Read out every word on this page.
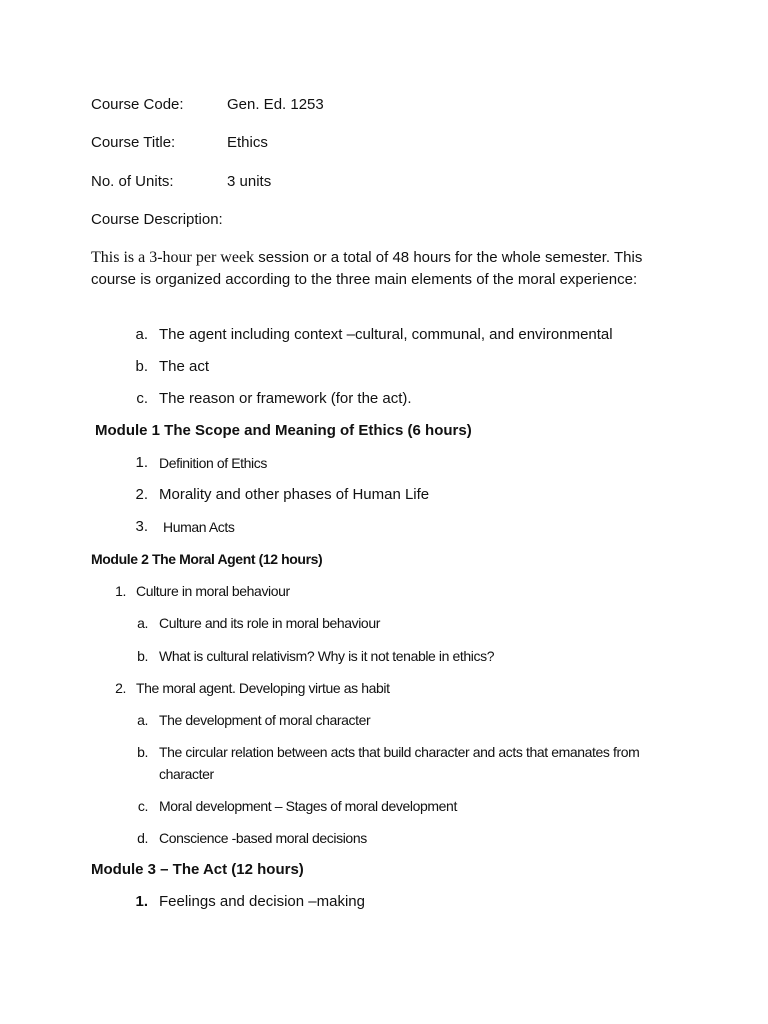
Course Code:	Gen. Ed. 1253
Course Title:	Ethics
No. of Units:	3 units
Course Description:
This is a 3-hour per week session or a total of 48 hours for the whole semester. This course is organized according to the three main elements of the moral experience:
a. The agent including context –cultural, communal, and environmental
b. The act
c. The reason or framework (for the act).
Module 1 The Scope and Meaning of Ethics (6 hours)
1. Definition of Ethics
2. Morality and other phases of Human Life
3. Human Acts
Module 2 The Moral Agent (12 hours)
1. Culture in moral behaviour
a. Culture and its role in moral behaviour
b. What is cultural relativism? Why is it not tenable in ethics?
2. The moral agent. Developing virtue as habit
a. The development of moral character
b. The circular relation between acts that build character and acts that emanates from character
c. Moral development – Stages of moral development
d. Conscience -based moral decisions
Module 3 – The Act (12 hours)
1. Feelings and decision –making
